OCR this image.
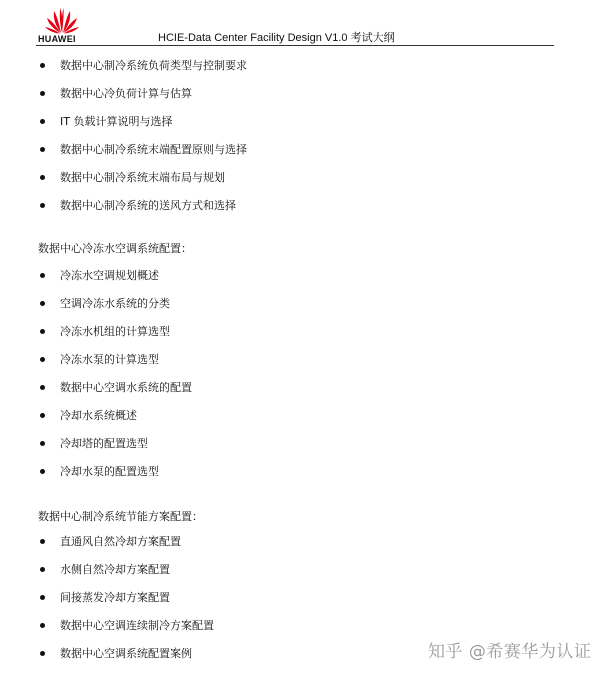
HUAWEI	HCIE-Data Center Facility Design V1.0 考试大纲
数据中心制冷系统负荷类型与控制要求
数据中心冷负荷计算与估算
IT 负载计算说明与选择
数据中心制冷系统末端配置原则与选择
数据中心制冷系统末端布局与规划
数据中心制冷系统的送风方式和选择
数据中心冷冻水空调系统配置：
冷冻水空调规划概述
空调冷冻水系统的分类
冷冻水机组的计算选型
冷冻水泵的计算选型
数据中心空调水系统的配置
冷却水系统概述
冷却塔的配置选型
冷却水泵的配置选型
数据中心制冷系统节能方案配置：
直通风自然冷却方案配置
水侧自然冷却方案配置
间接蒸发冷却方案配置
数据中心空调连续制冷方案配置
数据中心空调系统配置案例	知乎 @希赛华为认证
